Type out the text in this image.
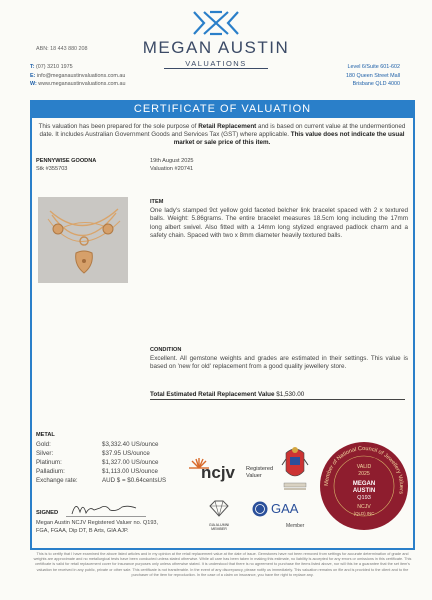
MEGAN AUSTIN
VALUATIONS
ABN: 18 443 880 208
T: (07) 3210 1975
E: info@meganaustinvaluations.com.au
W: www.meganaustinvaluations.com.au
Level 6/Suite 601-602
180 Queen Street Mall
Brisbane QLD 4000
CERTIFICATE OF VALUATION
This valuation has been prepared for the sole purpose of Retail Replacement and is based on current value at the undermentioned date. It includes Australian Government Goods and Services Tax (GST) where applicable. This value does not indicate the usual market or sale price of this item.
PENNYWISE GOODNA
Stk #355703
19th August 2025
Valuation #20741
ITEM
One lady's stamped 9ct yellow gold faceted belcher link bracelet spaced with 2 x textured balls. Weight: 5.86grams. The entire bracelet measures 18.5cm long including the 17mm long albert swivel. Also fitted with a 14mm long stylized engraved padlock charm and a safety chain. Spaced with two x 8mm diameter heavily textured balls.
CONDITION
Excellent. All gemstone weights and grades are estimated in their settings. This value is based on 'new for old' replacement from a good quality jewellery store.
Total Estimated Retail Replacement Value $1,530.00
METAL
Gold:	$3,332.40 US/ounce
Silver:	$37.95 US/ounce
Platinum:	$1,327.00 US/ounce
Palladium:	$1,113.00 US/ounce
Exchange rate:	AUD $ = $0.64centsUS
SIGNED
Megan Austin NCJV Registered Valuer no. Q193,
FGA, FGAA, Dip DT, B Arts, GIA AJP.
ncjv Registered
Valuer
Member of National Council of Jewellery Valuers
VALID
2025
MEGAN
AUSTIN
Q193
NCJV
(QLD) INC
GIA ALUMNI MEMBER
GAA
Member
This is to certify that I have examined the above listed articles and in my opinion at the retail replacement value at the date of issue. Gemstones have not been removed from settings for accurate determination of grade and weights are approximate and no metallurgical tests have been conducted unless stated otherwise. While all care has been taken in making this estimate, no liability is accepted for any errors or omissions in this certificate. This certificate is valid for retail replacement cover for insurance purposes only unless otherwise stated. It is understood that there is no agreement to purchase the items listed above, nor will this be a guarantee that the set item's valuation be received in any public, private or other sale. This certificate is not transferable. In the event of any discrepancy, please notify us immediately. This valuation remains on file and is provided to the client and to the purchaser of the item for reproduction. In the case of a claim on insurance, you have the right to replace any.
